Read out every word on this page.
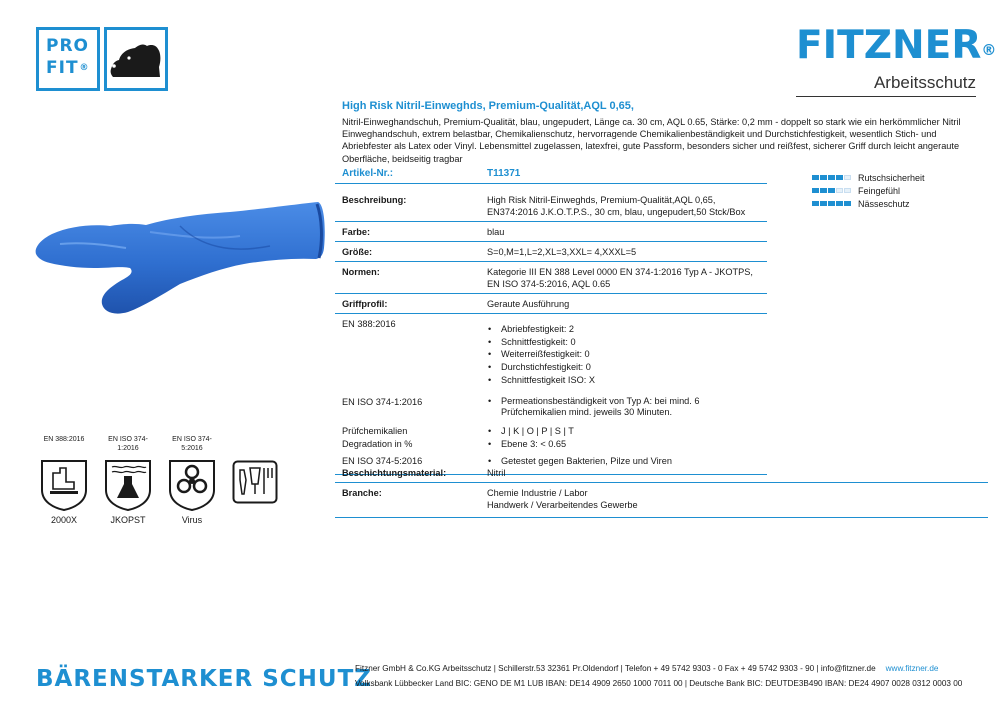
PRO
FIT®	FITZNER®
Arbeitsschutz
High Risk Nitril-Einweghds, Premium-Qualität,AQL 0,65,
Nitril-Einweghandschuh, Premium-Qualität, blau, ungepudert, Länge ca. 30 cm, AQL 0.65, Stärke: 0,2 mm - doppelt so stark wie ein herkömmlicher Nitril Einweghandschuh, extrem belastbar, Chemikalienschutz, hervorragende Chemikalienbeständigkeit und Durchstichfestigkeit, wesentlich Stich- und Abriebfester als Latex oder Vinyl. Lebensmittel zugelassen, latexfrei, gute Passform, besonders sicher und reißfest, sicherer Griff durch leicht angeraute Oberfläche, beidseitig tragbar
Artikel-Nr.:	T11371
Beschreibung:	High Risk Nitril-Einweghds, Premium-Qualität,AQL 0,65, EN374:2016 J.K.O.T.P.S., 30 cm, blau, ungepudert,50 Stck/Box
Farbe:	blau
Größe:	S=0,M=1,L=2,XL=3,XXL= 4,XXXL=5
Normen:	Kategorie III EN 388 Level 0000 EN 374-1:2016 Typ A - JKOTPS, EN ISO 374-5:2016, AQL 0.65
Griffprofil:	Geraute Ausführung
EN 388:2016	• Abriebfestigkeit: 2
• Schnittfestigkeit: 0
• Weiterreißfestigkeit: 0
• Durchstichfestigkeit: 0
• Schnittfestigkeit ISO: X
EN ISO 374-1:2016	• Permeationsbeständigkeit von Typ A: bei mind. 6 Prüfchemikalien mind. jeweils 30 Minuten.
Prüfchemikalien	• J | K | O | P | S | T
Degradation in %	• Ebene 3: < 0.65
EN ISO 374-5:2016	• Getestet gegen Bakterien, Pilze und Viren
Beschichtungsmaterial:	Nitril
Branche:	Chemie Industrie / Labor
Handwerk / Verarbeitendes Gewerbe
Rutschsicherheit
Feingefühl
Nässeschutz
EN 388:2016	EN ISO 374-
1:2016
EN ISO 374-
5:2016
2000X	JKOPST	Virus
BÄRENSTARKER SCHUTZ
Fitzner GmbH & Co.KG Arbeitsschutz | Schillerstr.53 32361 Pr.Oldendorf | Telefon + 49 5742 9303 - 0 Fax + 49 5742 9303 - 90 | info@fitzner.de www.fitzner.de
Volksbank Lübbecker Land BIC: GENO DE M1 LUB IBAN: DE14 4909 2650 1000 7011 00 | Deutsche Bank BIC: DEUTDE3B490 IBAN: DE24 4907 0028 0312 0003 00
